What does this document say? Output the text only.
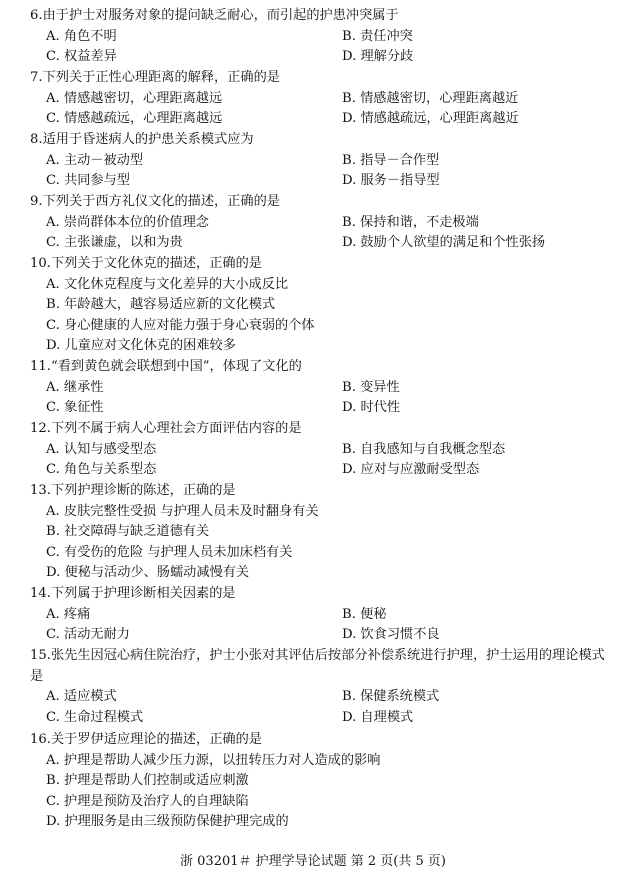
6.由于护士对服务对象的提问缺乏耐心，而引起的护患冲突属于
A. 角色不明	B. 责任冲突
C. 权益差异	D. 理解分歧
7.下列关于正性心理距离的解释，正确的是
A. 情感越密切，心理距离越远	B. 情感越密切，心理距离越近
C. 情感越疏远，心理距离越远	D. 情感越疏远，心理距离越近
8.适用于昏迷病人的护患关系模式应为
A. 主动－被动型	B. 指导－合作型
C. 共同参与型	D. 服务－指导型
9.下列关于西方礼仪文化的描述，正确的是
A. 崇尚群体本位的价值理念	B. 保持和谐，不走极端
C. 主张谦虚，以和为贵	D. 鼓励个人欲望的满足和个性张扬
10.下列关于文化休克的描述，正确的是
A. 文化休克程度与文化差异的大小成反比
B. 年龄越大，越容易适应新的文化模式
C. 身心健康的人应对能力强于身心衰弱的个体
D. 儿童应对文化休克的困难较多
11.“看到黄色就会联想到中国”，体现了文化的
A. 继承性	B. 变异性
C. 象征性	D. 时代性
12.下列不属于病人心理社会方面评估内容的是
A. 认知与感受型态	B. 自我感知与自我概念型态
C. 角色与关系型态	D. 应对与应激耐受型态
13.下列护理诊断的陈述，正确的是
A. 皮肤完整性受损 与护理人员未及时翻身有关
B. 社交障碍与缺乏道德有关
C. 有受伤的危险 与护理人员未加床档有关
D. 便秘与活动少、肠蠕动减慢有关
14.下列属于护理诊断相关因素的是
A. 疼痛	B. 便秘
C. 活动无耐力	D. 饮食习惯不良
15.张先生因冠心病住院治疗，护士小张对其评估后按部分补偿系统进行护理，护士运用的理论模式是
A. 适应模式	B. 保健系统模式
C. 生命过程模式	D. 自理模式
16.关于罗伊适应理论的描述，正确的是
A. 护理是帮助人减少压力源，以扭转压力对人造成的影响
B. 护理是帮助人们控制或适应刺激
C. 护理是预防及治疗人的自理缺陷
D. 护理服务是由三级预防保健护理完成的
浙 03201＃ 护理学导论试题 第 2 页(共 5 页)
